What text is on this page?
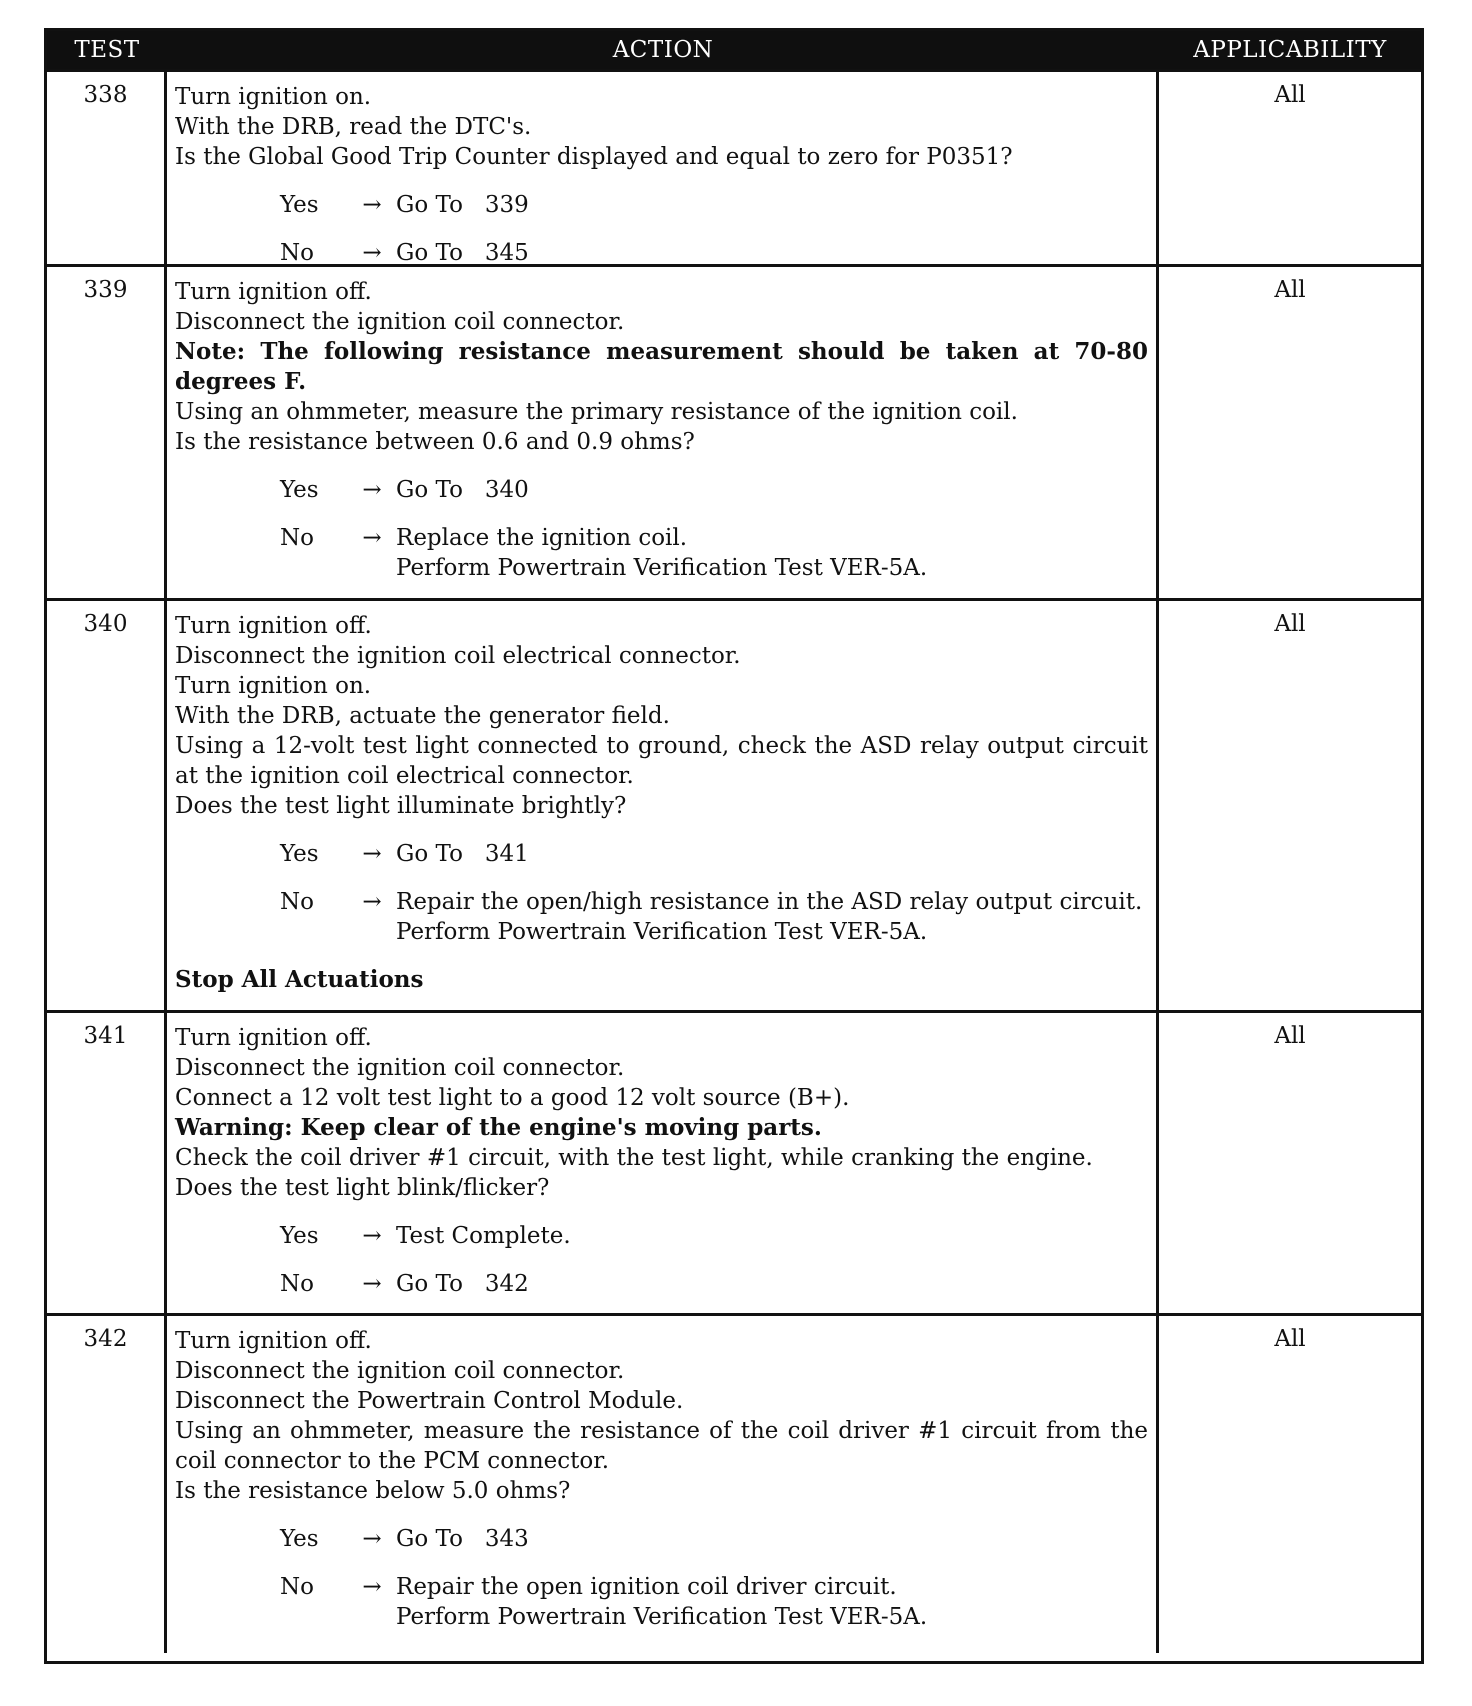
TEST	ACTION	APPLICABILITY
338	Turn ignition on.
With the DRB, read the DTC's.
Is the Global Good Trip Counter displayed and equal to zero for P0351?
Yes	→ Go To   339
No	→ Go To   345
All
339	Turn ignition off.
Disconnect the ignition coil connector.
Note: The following resistance measurement should be taken at 70-80 degrees F.
Using an ohmmeter, measure the primary resistance of the ignition coil.
Is the resistance between 0.6 and 0.9 ohms?
Yes	→ Go To   340
No	→ Replace the ignition coil.
Perform Powertrain Verification Test VER-5A.
All
340	Turn ignition off.
Disconnect the ignition coil electrical connector.
Turn ignition on.
With the DRB, actuate the generator field.
Using a 12-volt test light connected to ground, check the ASD relay output circuit at the ignition coil electrical connector.
Does the test light illuminate brightly?
Yes	→ Go To   341
No	→ Repair the open/high resistance in the ASD relay output circuit.
Perform Powertrain Verification Test VER-5A.
Stop All Actuations
All
341	Turn ignition off.
Disconnect the ignition coil connector.
Connect a 12 volt test light to a good 12 volt source (B+).
Warning: Keep clear of the engine's moving parts.
Check the coil driver #1 circuit, with the test light, while cranking the engine.
Does the test light blink/flicker?
Yes	→ Test Complete.
No	→ Go To   342
All
342	Turn ignition off.
Disconnect the ignition coil connector.
Disconnect the Powertrain Control Module.
Using an ohmmeter, measure the resistance of the coil driver #1 circuit from the coil connector to the PCM connector.
Is the resistance below 5.0 ohms?
Yes	→ Go To   343
No	→ Repair the open ignition coil driver circuit.
Perform Powertrain Verification Test VER-5A.
All
